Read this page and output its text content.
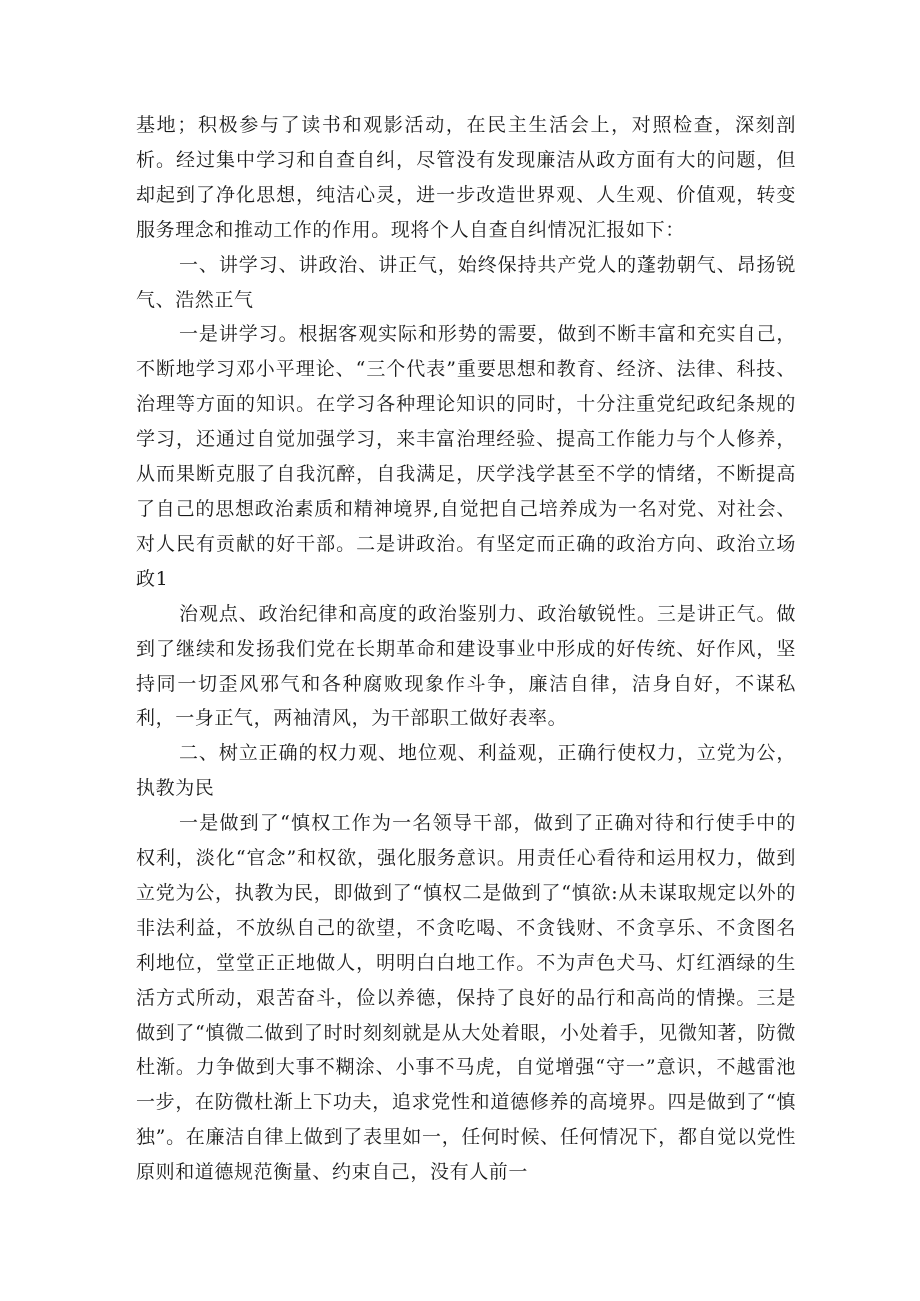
基地；积极参与了读书和观影活动，在民主生活会上，对照检查，深刻剖析。经过集中学习和自查自纠，尽管没有发现廉洁从政方面有大的问题，但却起到了净化思想，纯洁心灵，进一步改造世界观、人生观、价值观，转变服务理念和推动工作的作用。现将个人自查自纠情况汇报如下：

一、讲学习、讲政治、讲正气，始终保持共产党人的蓬勃朝气、昂扬锐气、浩然正气

一是讲学习。根据客观实际和形势的需要，做到不断丰富和充实自己，不断地学习邓小平理论、“三个代表”重要思想和教育、经济、法律、科技、治理等方面的知识。在学习各种理论知识的同时，十分注重党纪政纪条规的学习，还通过自觉加强学习，来丰富治理经验、提高工作能力与个人修养，从而果断克服了自我沉醉，自我满足，厌学浅学甚至不学的情绪，不断提高了自己的思想政治素质和精神境界,自觉把自己培养成为一名对党、对社会、对人民有贡献的好干部。二是讲政治。有坚定而正确的政治方向、政治立场政1

治观点、政治纪律和高度的政治鉴别力、政治敏锐性。三是讲正气。做到了继续和发扬我们党在长期革命和建设事业中形成的好传统、好作风，坚持同一切歪风邪气和各种腐败现象作斗争，廉洁自律，洁身自好，不谋私利，一身正气，两袖清风，为干部职工做好表率。

二、树立正确的权力观、地位观、利益观，正确行使权力，立党为公，执教为民

一是做到了“慎权工作为一名领导干部，做到了正确对待和行使手中的权利，淡化“官念”和权欲，强化服务意识。用责任心看待和运用权力，做到立党为公，执教为民，即做到了“慎权二是做到了“慎欲:从未谋取规定以外的非法利益，不放纵自己的欲望，不贪吃喝、不贪钱财、不贪享乐、不贪图名利地位，堂堂正正地做人，明明白白地工作。不为声色犬马、灯红酒绿的生活方式所动，艰苦奋斗，俭以养德，保持了良好的品行和高尚的情操。三是做到了“慎微二做到了时时刻刻就是从大处着眼，小处着手，见微知著，防微杜渐。力争做到大事不糊涂、小事不马虎，自觉增强“守一”意识，不越雷池一步，在防微杜渐上下功夫，追求党性和道德修养的高境界。四是做到了“慎独”。在廉洁自律上做到了表里如一，任何时候、任何情况下，都自觉以党性原则和道德规范衡量、约束自己，没有人前一
